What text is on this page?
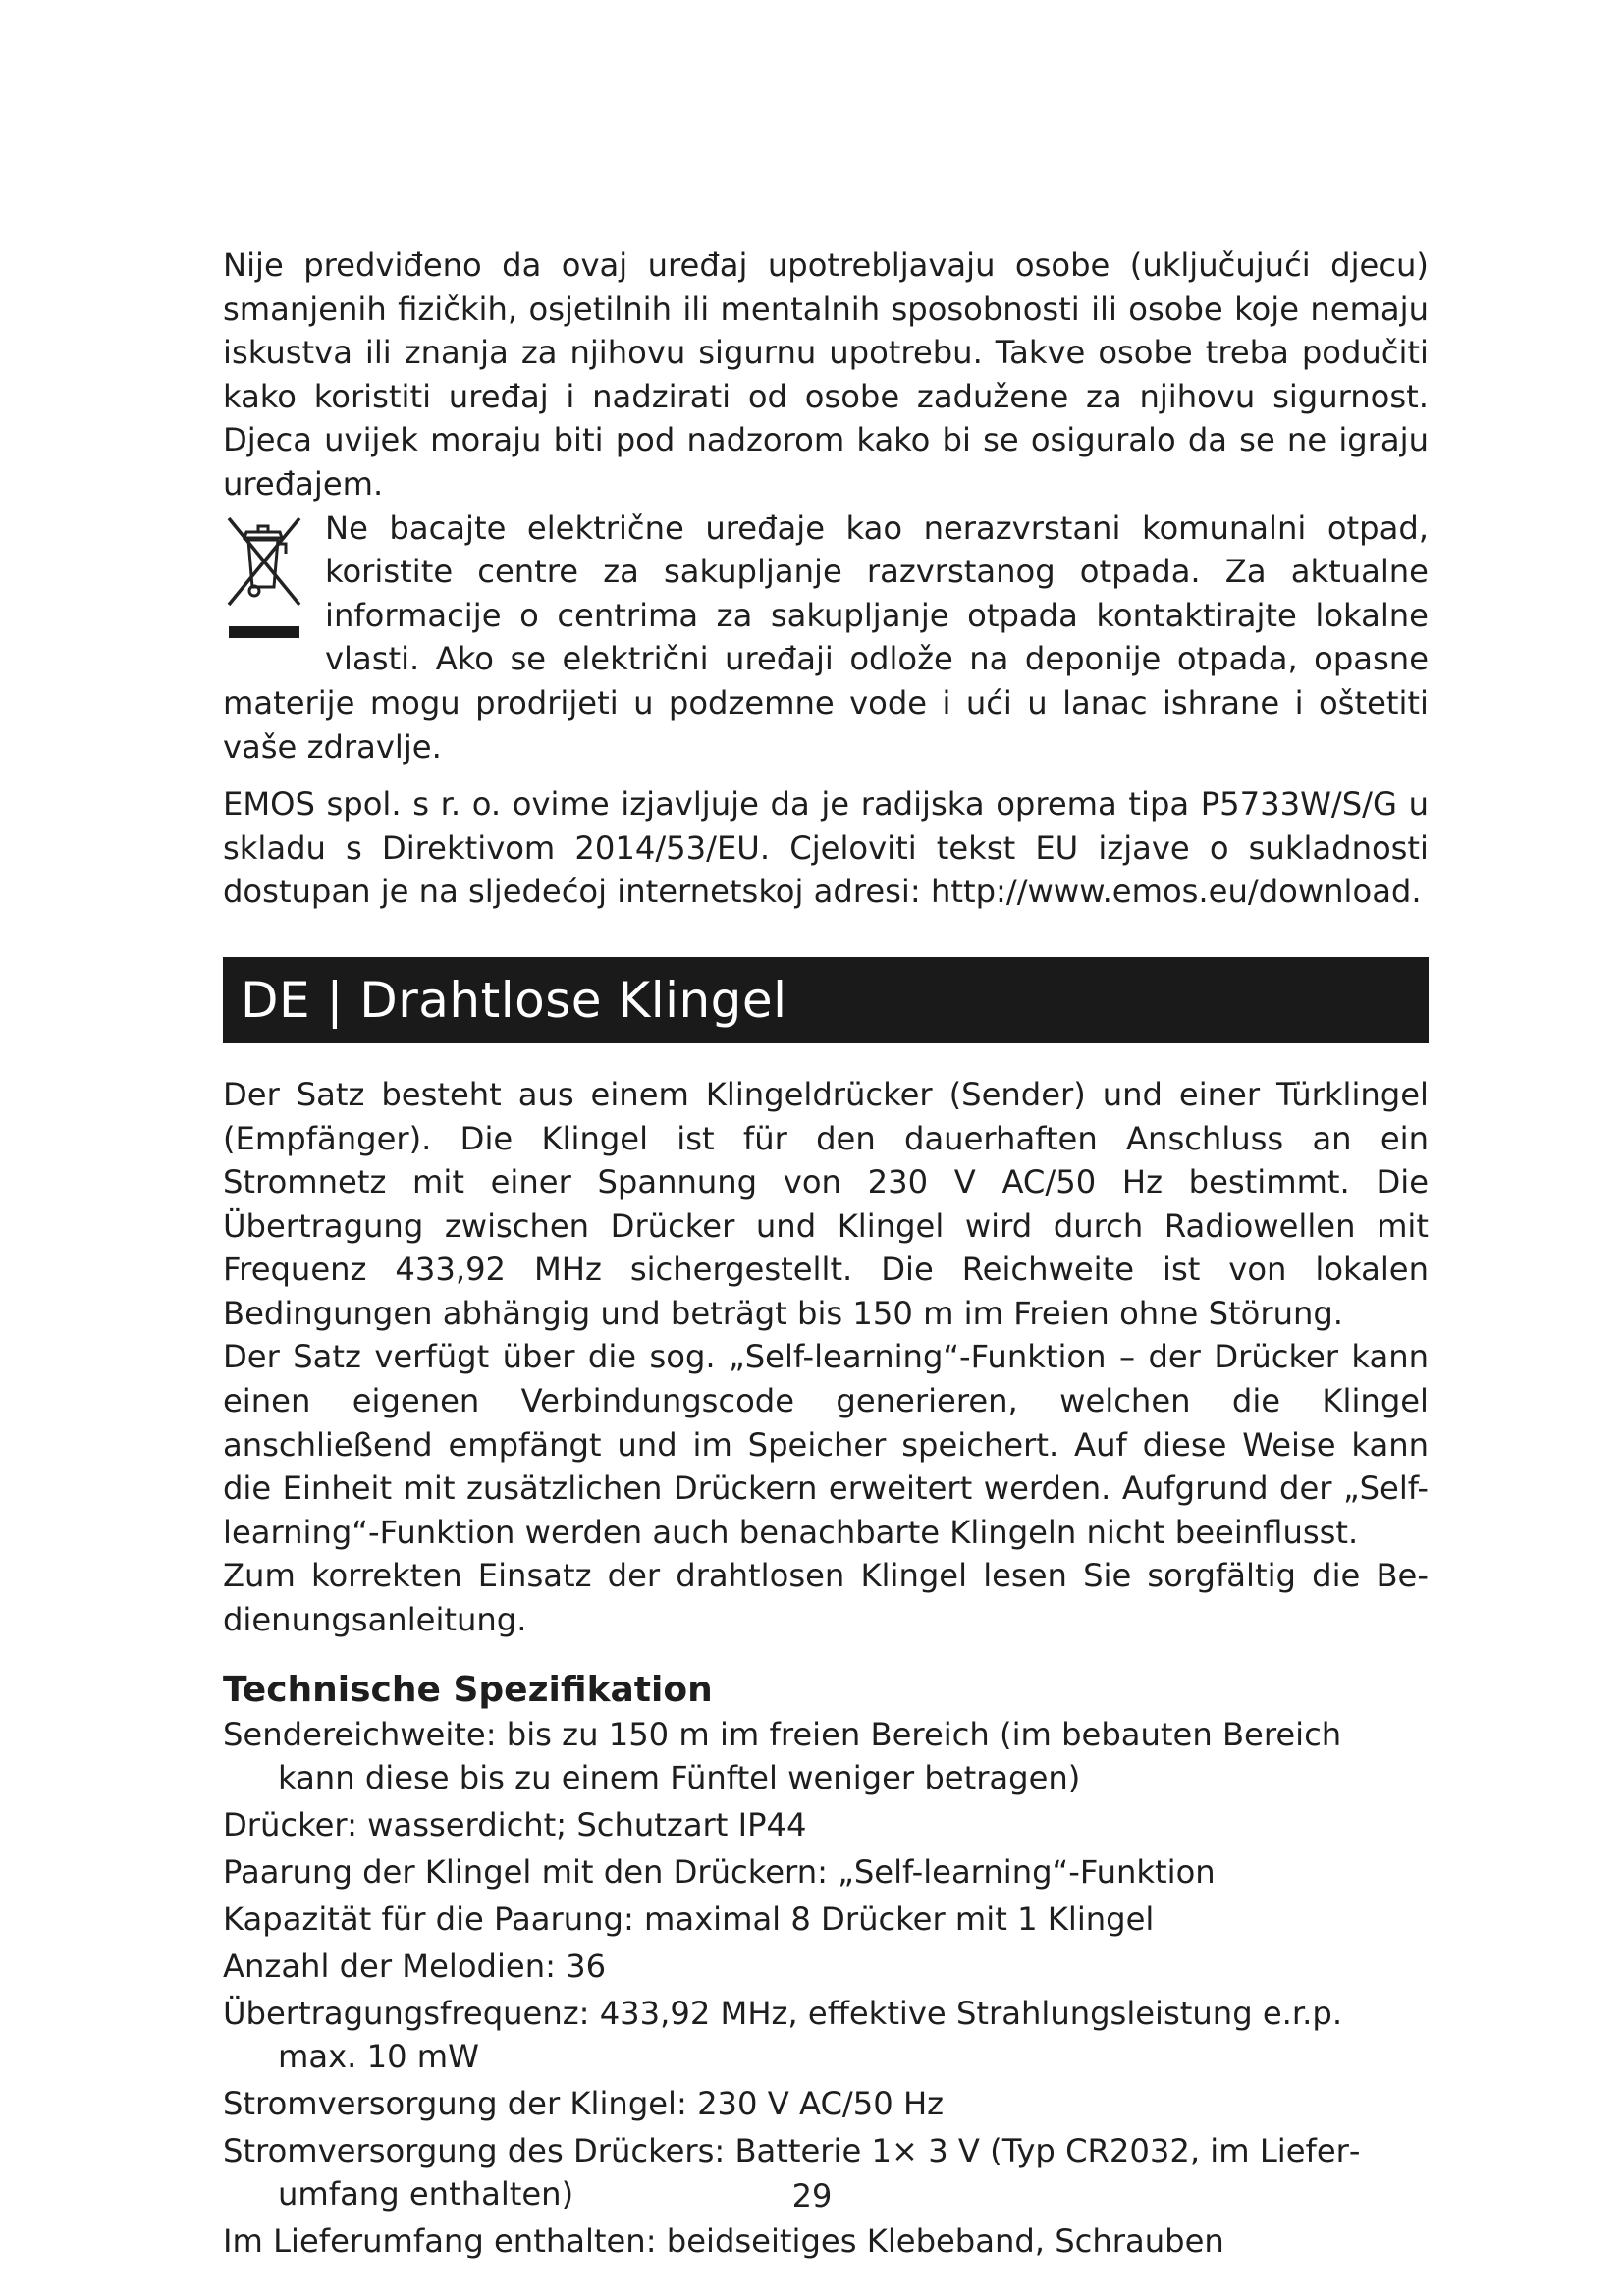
Nije predviđeno da ovaj uređaj upotrebljavaju osobe (uključujući djecu) smanjenih fizičkih, osjetilnih ili mentalnih sposobnosti ili osobe koje nemaju iskustva ili znanja za njihovu sigurnu upotrebu. Takve osobe treba podučiti kako koristiti uređaj i nadzirati od osobe zadužene za njihovu sigurnost. Djeca uvijek moraju biti pod nadzorom kako bi se osiguralo da se ne igraju uređajem.

Ne bacajte električne uređaje kao nerazvrstani komunalni otpad, koristite centre za sakupljanje razvrstanog otpada. Za aktualne informacije o centrima za sakupljanje otpada kontaktirajte lokalne vlasti. Ako se električni uređaji odlože na deponije otpada, opasne materije mogu prodrijeti u podzemne vode i ući u lanac ishrane i oštetiti vaše zdravlje.

EMOS spol. s r. o. ovime izjavljuje da je radijska oprema tipa P5733W/S/G u skladu s Direktivom 2014/53/EU. Cjeloviti tekst EU izjave o sukladnosti dostupan je na sljedećoj internetskoj adresi: http://www.emos.eu/download.

DE | Drahtlose Klingel

Der Satz besteht aus einem Klingeldrücker (Sender) und einer Türklingel (Empfänger). Die Klingel ist für den dauerhaften Anschluss an ein Stromnetz mit einer Spannung von 230 V AC/50 Hz bestimmt. Die Übertragung zwischen Drücker und Klingel wird durch Radiowellen mit Frequenz 433,92 MHz sichergestellt. Die Reichweite ist von lokalen Bedingungen abhängig und beträgt bis 150 m im Freien ohne Störung.

Der Satz verfügt über die sog. „Self-learning“-Funktion – der Drücker kann einen eigenen Verbindungscode generieren, welchen die Klingel anschließend empfängt und im Speicher speichert. Auf diese Weise kann die Einheit mit zusätzlichen Drückern erweitert werden. Aufgrund der „Self-learning“-Funktion werden auch benachbarte Klingeln nicht beeinflusst.

Zum korrekten Einsatz der drahtlosen Klingel lesen Sie sorgfältig die Bedienungsanleitung.

Technische Spezifikation
Sendereichweite: bis zu 150 m im freien Bereich (im bebauten Bereich kann diese bis zu einem Fünftel weniger betragen)
Drücker: wasserdicht; Schutzart IP44
Paarung der Klingel mit den Drückern: „Self-learning“-Funktion
Kapazität für die Paarung: maximal 8 Drücker mit 1 Klingel
Anzahl der Melodien: 36
Übertragungsfrequenz: 433,92 MHz, effektive Strahlungsleistung e.r.p. max. 10 mW
Stromversorgung der Klingel: 230 V AC/50 Hz
Stromversorgung des Drückers: Batterie 1× 3 V (Typ CR2032, im Lieferumfang enthalten)
Im Lieferumfang enthalten: beidseitiges Klebeband, Schrauben
29
